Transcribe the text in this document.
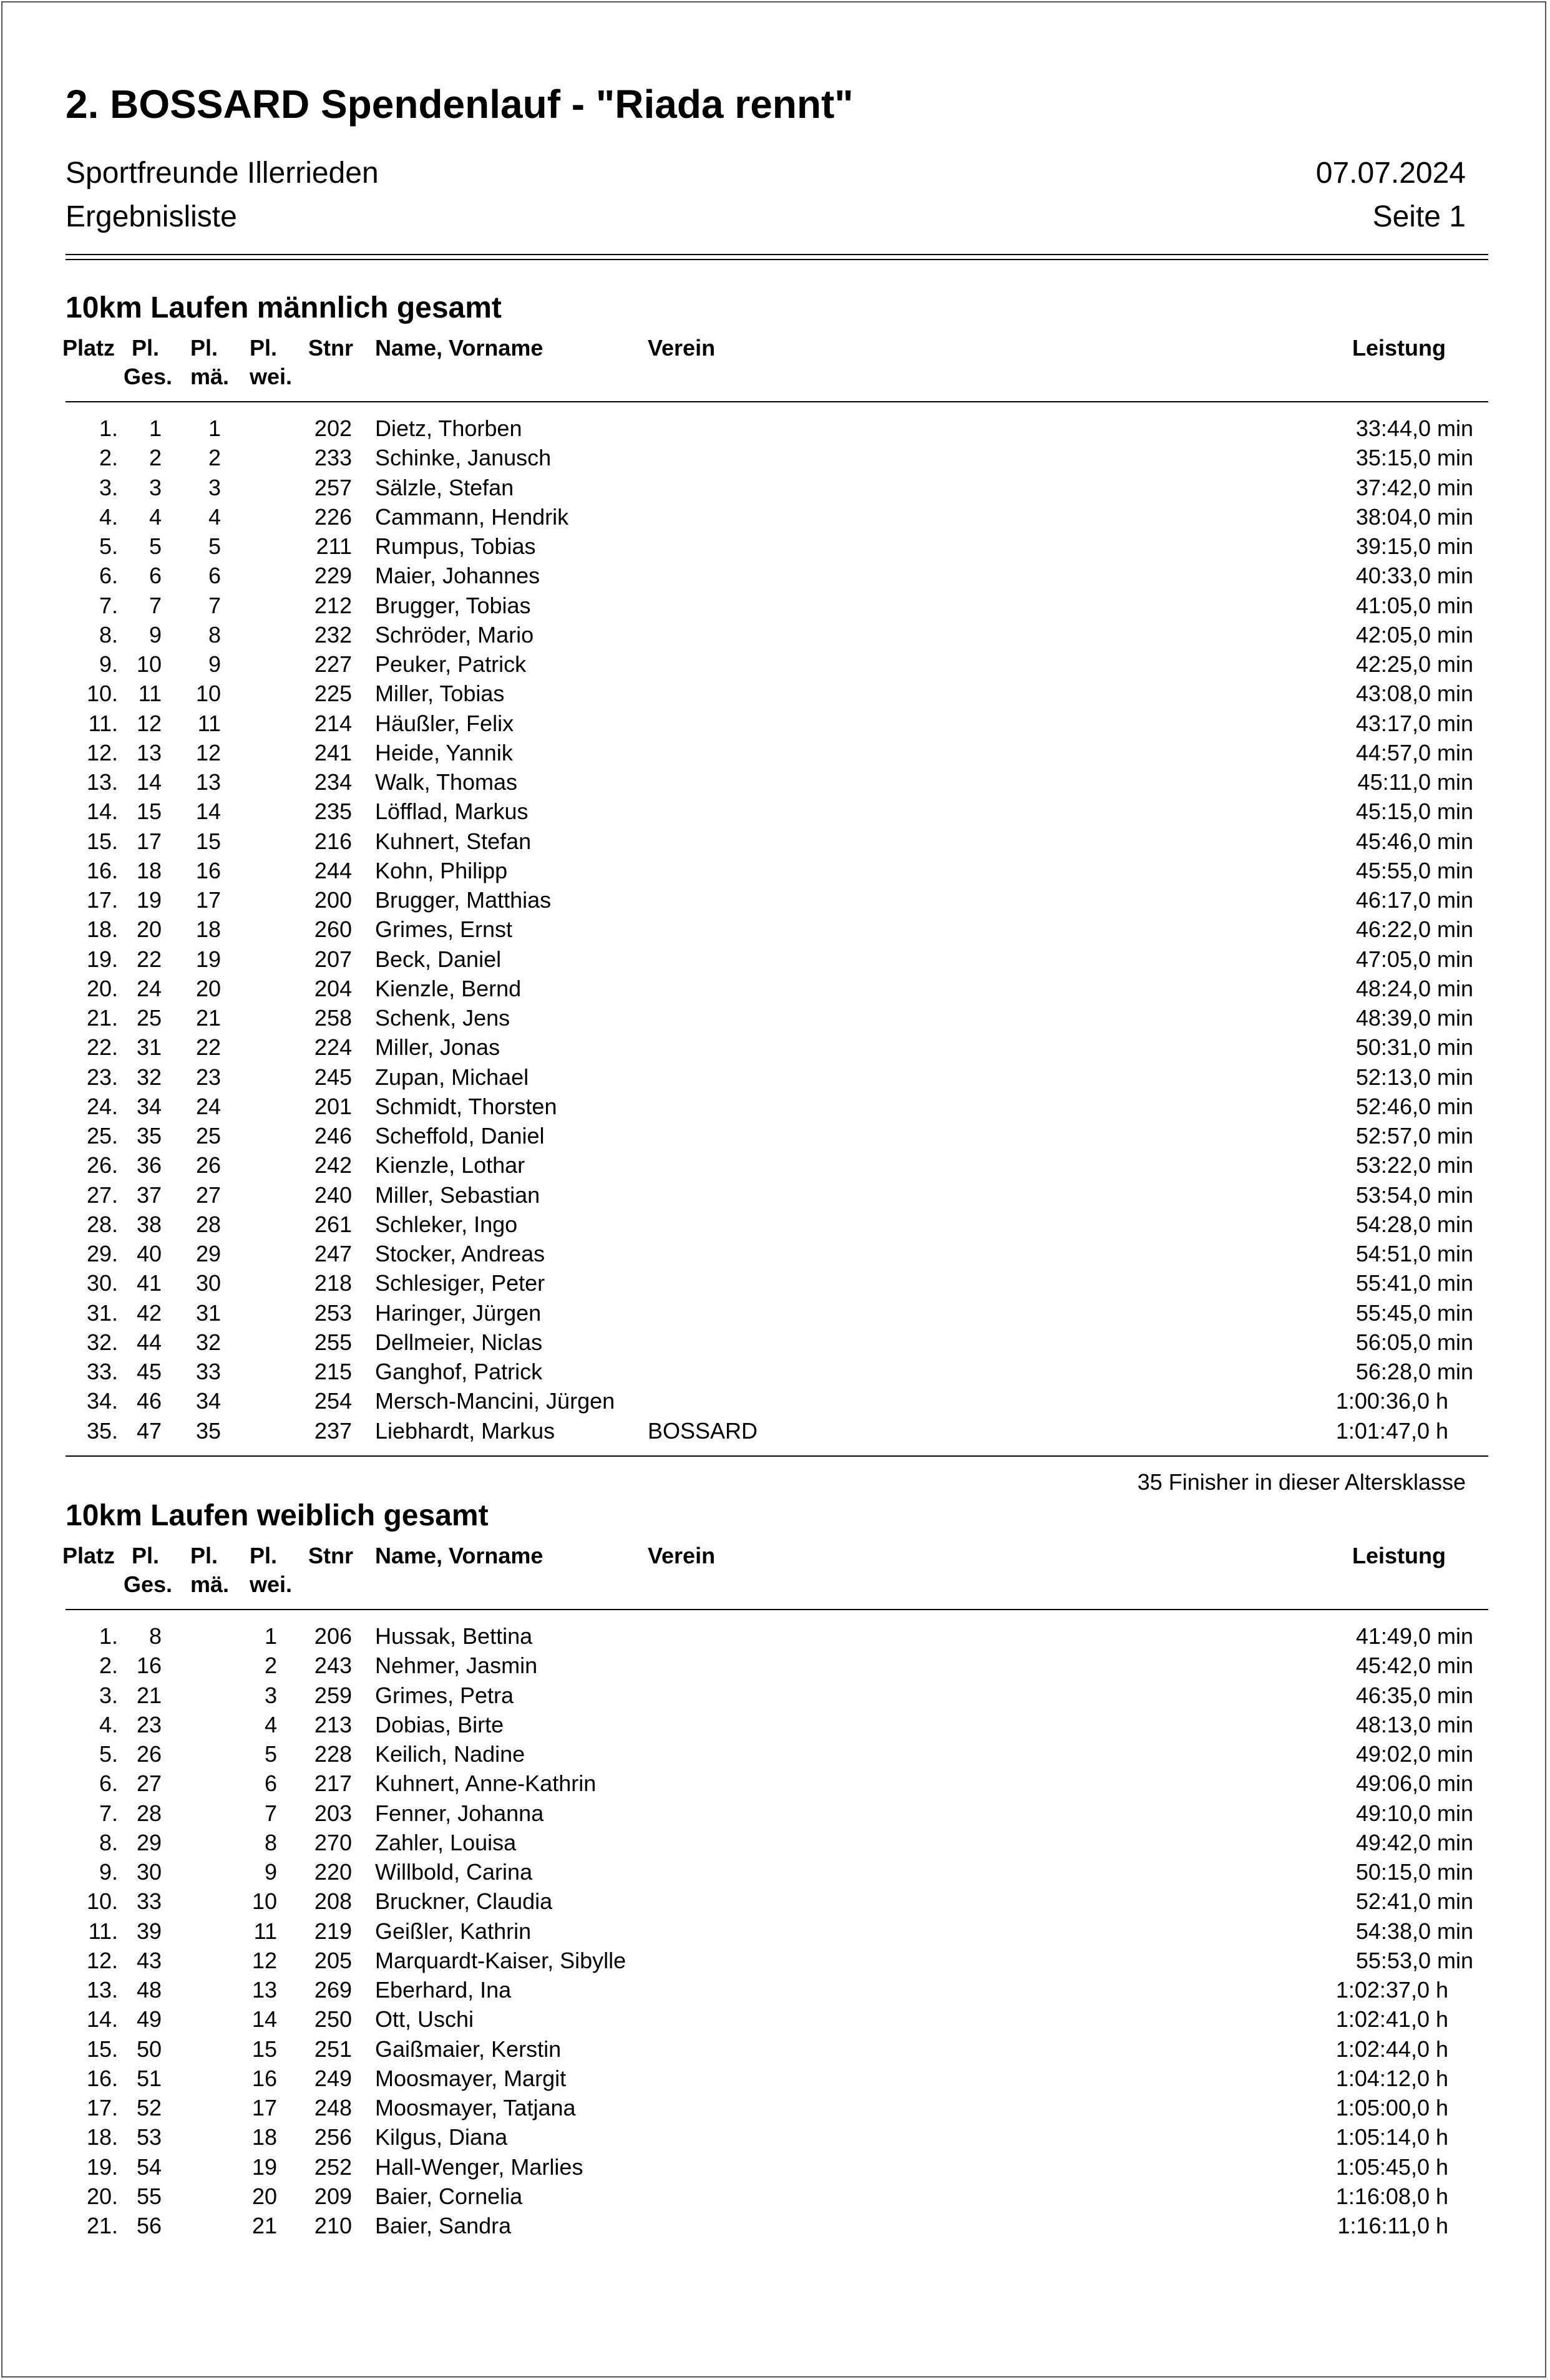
2. BOSSARD Spendenlauf - "Riada rennt"
Sportfreunde Illerrieden	07.07.2024
Ergebnisliste	Seite 1
10km Laufen männlich gesamt
Platz Pl. Pl. Pl. Stnr Name, Vorname	Verein	Leistung
Ges. mä. wei.
1. 1 1	202 Dietz, Thorben	33:44,0 min
2. 2 2	233 Schinke, Janusch	35:15,0 min
3. 3 3	257 Sälzle, Stefan	37:42,0 min
4. 4 4	226 Cammann, Hendrik	38:04,0 min
5. 5 5	211 Rumpus, Tobias	39:15,0 min
6. 6 6	229 Maier, Johannes	40:33,0 min
7. 7 7	212 Brugger, Tobias	41:05,0 min
8. 9 8	232 Schröder, Mario	42:05,0 min
9. 10 9	227 Peuker, Patrick	42:25,0 min
10. 11 10	225 Miller, Tobias	43:08,0 min
11. 12 11	214 Häußler, Felix	43:17,0 min
12. 13 12	241 Heide, Yannik	44:57,0 min
13. 14 13	234 Walk, Thomas	45:11,0 min
14. 15 14	235 Löfflad, Markus	45:15,0 min
15. 17 15	216 Kuhnert, Stefan	45:46,0 min
16. 18 16	244 Kohn, Philipp	45:55,0 min
17. 19 17	200 Brugger, Matthias	46:17,0 min
18. 20 18	260 Grimes, Ernst	46:22,0 min
19. 22 19	207 Beck, Daniel	47:05,0 min
20. 24 20	204 Kienzle, Bernd	48:24,0 min
21. 25 21	258 Schenk, Jens	48:39,0 min
22. 31 22	224 Miller, Jonas	50:31,0 min
23. 32 23	245 Zupan, Michael	52:13,0 min
24. 34 24	201 Schmidt, Thorsten	52:46,0 min
25. 35 25	246 Scheffold, Daniel	52:57,0 min
26. 36 26	242 Kienzle, Lothar	53:22,0 min
27. 37 27	240 Miller, Sebastian	53:54,0 min
28. 38 28	261 Schleker, Ingo	54:28,0 min
29. 40 29	247 Stocker, Andreas	54:51,0 min
30. 41 30	218 Schlesiger, Peter	55:41,0 min
31. 42 31	253 Haringer, Jürgen	55:45,0 min
32. 44 32	255 Dellmeier, Niclas	56:05,0 min
33. 45 33	215 Ganghof, Patrick	56:28,0 min
34. 46 34	254 Mersch-Mancini, Jürgen	1:00:36,0 h
35. 47 35	237 Liebhardt, Markus	BOSSARD	1:01:47,0 h
35 Finisher in dieser Altersklasse
10km Laufen weiblich gesamt
Platz Pl. Pl. Pl. Stnr Name, Vorname	Verein	Leistung
Ges. mä. wei.
1. 8	1 206 Hussak, Bettina	41:49,0 min
2. 16	2 243 Nehmer, Jasmin	45:42,0 min
3. 21	3 259 Grimes, Petra	46:35,0 min
4. 23	4 213 Dobias, Birte	48:13,0 min
5. 26	5 228 Keilich, Nadine	49:02,0 min
6. 27	6 217 Kuhnert, Anne-Kathrin	49:06,0 min
7. 28	7 203 Fenner, Johanna	49:10,0 min
8. 29	8 270 Zahler, Louisa	49:42,0 min
9. 30	9 220 Willbold, Carina	50:15,0 min
10. 33	10 208 Bruckner, Claudia	52:41,0 min
11. 39	11 219 Geißler, Kathrin	54:38,0 min
12. 43	12 205 Marquardt-Kaiser, Sibylle	55:53,0 min
13. 48	13 269 Eberhard, Ina	1:02:37,0 h
14. 49	14 250 Ott, Uschi	1:02:41,0 h
15. 50	15 251 Gaißmaier, Kerstin	1:02:44,0 h
16. 51	16 249 Moosmayer, Margit	1:04:12,0 h
17. 52	17 248 Moosmayer, Tatjana	1:05:00,0 h
18. 53	18 256 Kilgus, Diana	1:05:14,0 h
19. 54	19 252 Hall-Wenger, Marlies	1:05:45,0 h
20. 55	20 209 Baier, Cornelia	1:16:08,0 h
21. 56	21 210 Baier, Sandra	1:16:11,0 h
